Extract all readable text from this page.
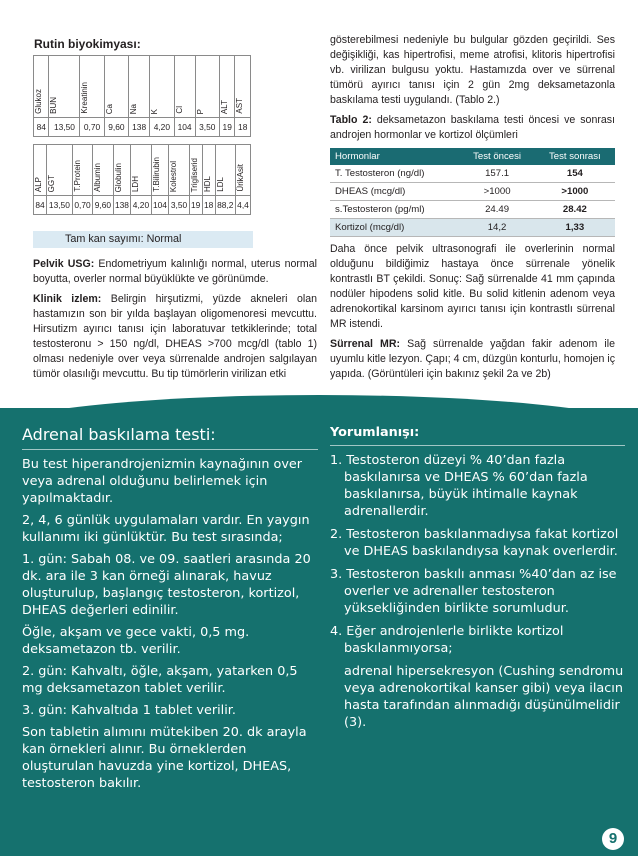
Rutin biyokimyası:
Glukoz	BUN	Kreatinin	Ca	Na	K	Cl	P	ALT	AST

84	13,50	0,70	9,60	138	4,20	104	3,50	19	18
ALP	GGT	T.Protein	Albumin	Globulin	LDH	T.Bilirubin	Kolestrol	Trigliserid	HDL	LDL	ÜrikAsit

84	13,50	0,70	9,60	138	4,20	104	3,50	19	18	88,2	4,4
Tam kan sayımı: Normal

Pelvik USG: Endometriyum kalınlığı normal, uterus normal boyutta, overler normal büyüklükte ve görünümde.

Klinik izlem: Belirgin hirşutizmi, yüzde akneleri olan hastamızın son bir yılda başlayan oligomenoresi mevcuttu. Hirsutizm ayırıcı tanısı için laboratuvar tetkiklerinde; total testosteronu > 150 ng/dl, DHEAS >700 mcg/dl (tablo 1) olması nedeniyle over veya sürrenalde androjen salgılayan tümör olasılığı mevcuttu. Bu tip tümörlerin virilizan etki

gösterebilmesi nedeniyle bu bulgular gözden geçirildi. Ses değişikliği, kas hipertrofisi, meme atrofisi, klitoris hipertrofisi vb. virilizan bulgusu yoktu. Hastamızda over ve sürrenal tümörü ayırıcı tanısı için 2 gün 2mg deksametazonla baskılama testi uygulandı. (Tablo 2.)

Tablo 2: deksametazon baskılama testi öncesi ve sonrası androjen hormonlar ve kortizol ölçümleri

Hormonlar	Test öncesi	Test sonrası
T. Testosteron (ng/dl)	157.1	154
DHEAS (mcg/dl)	>1000	>1000
s.Testosteron (pg/ml)	24.49	28.42
Kortizol (mcg/dl)	14,2	1,33

Daha önce pelvik ultrasonografi ile overlerinin normal olduğunu bildiğimiz hastaya önce sürrenale yönelik kontrastlı BT çekildi. Sonuç: Sağ sürrenalde 41 mm çapında nodüler hipodens solid kitle. Bu solid kitlenin adenom veya adrenokortikal karsinom ayırıcı tanısı için kontrastlı sürrenal MR istendi.

Sürrenal MR: Sağ sürrenalde yağdan fakir adenom ile uyumlu kitle lezyon. Çapı; 4 cm, düzgün konturlu, homojen iç yapıda. (Görüntüleri için bakınız şekil 2a ve 2b)

Adrenal baskılama testi:

Bu test hiperandrojenizmin kaynağının over veya adrenal olduğunu belirlemek için yapılmaktadır.

2, 4, 6 günlük uygulamaları vardır. En yaygın kullanımı iki günlüktür. Bu test sırasında;

1. gün: Sabah 08. ve 09. saatleri arasında 20 dk. ara ile 3 kan örneği alınarak, havuz oluşturulup, başlangıç testosteron, kortizol, DHEAS değerleri edinilir.

Öğle, akşam ve gece vakti, 0,5 mg. deksametazon tb. verilir.

2. gün: Kahvaltı, öğle, akşam, yatarken 0,5 mg deksametazon tablet verilir.

3. gün: Kahvaltıda 1 tablet verilir.

Son tabletin alımını mütekiben 20. dk arayla kan örnekleri alınır. Bu örneklerden oluşturulan havuzda yine kortizol, DHEAS, testosteron bakılır.

Yorumlanışı:

1. Testosteron düzeyi % 40’dan fazla baskılanırsa ve DHEAS % 60’dan fazla baskılanırsa, büyük ihtimalle kaynak adrenallerdir.

2. Testosteron baskılanmadıysa fakat kortizol ve DHEAS baskılandıysa kaynak overlerdir.

3. Testosteron baskılı anması %40’dan az ise overler ve adrenaller testosteron yüksekliğinden birlikte sorumludur.

4. Eğer androjenlerle birlikte kortizol baskılanmıyorsa;

adrenal hipersekresyon (Cushing sendromu veya adrenokortikal kanser gibi) veya ilacın hasta tarafından alınmadığı düşünülmelidir (3).

9
